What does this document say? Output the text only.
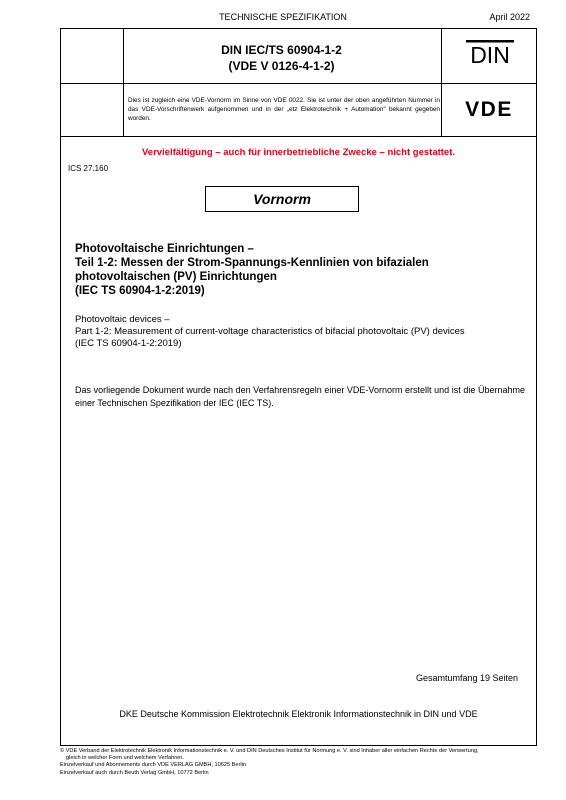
TECHNISCHE SPEZIFIKATION	April 2022
DIN IEC/TS 60904-1-2
(VDE V 0126-4-1-2)	DIN
Dies ist zugleich eine VDE-Vornorm im Sinne von VDE 0022. Sie ist unter der oben angeführten Nummer in das VDE-Vorschriftenwerk aufgenommen und in der „etz Elektrotechnik + Automation“ bekannt gegeben worden.	VDE
Vervielfältigung – auch für innerbetriebliche Zwecke – nicht gestattet.
ICS 27.160
Vornorm
Photovoltaische Einrichtungen –
Teil 1-2: Messen der Strom-Spannungs-Kennlinien von bifazialen
photovoltaischen (PV) Einrichtungen
(IEC TS 60904-1-2:2019)
Photovoltaic devices –
Part 1-2: Measurement of current-voltage characteristics of bifacial photovoltaic (PV) devices
(IEC TS 60904-1-2:2019)
Das vorliegende Dokument wurde nach den Verfahrensregeln einer VDE-Vornorm erstellt und ist die Übernahme einer Technischen Spezifikation der IEC (IEC TS).
Gesamtumfang 19 Seiten
DKE Deutsche Kommission Elektrotechnik Elektronik Informationstechnik in DIN und VDE
© VDE Verband der Elektrotechnik Elektronik Informationstechnik e. V. und DIN Deutsches Institut für Normung e. V. sind Inhaber aller einfachen Rechte der Verwertung,
gleich in welcher Form und welchem Verfahren.
Einzelverkauf und Abonnements durch VDE VERLAG GMBH, 10625 Berlin
Einzelverkauf auch durch Beuth Verlag GmbH, 10772 Berlin
